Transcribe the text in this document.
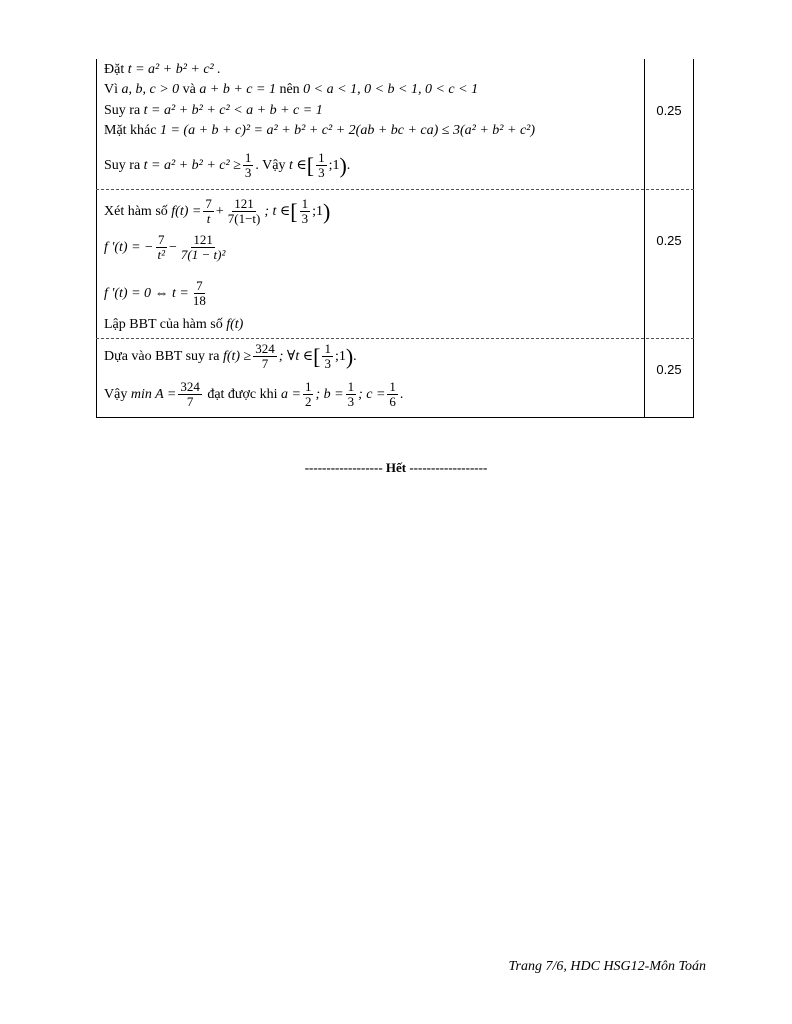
Đặt
t = a² + b² + c² .
Vì
a, b, c > 0
và
a + b + c = 1
nên
0 < a < 1, 0 < b < 1, 0 < c < 1
Suy ra
t = a² + b² + c² < a + b + c = 1
Mặt khác
1 = (a + b + c)² = a² + b² + c² + 2(ab + bc + ca) ≤ 3(a² + b² + c²)
Suy ra
$t = a^2 + b^2 + c^2 \ge \frac{1}{3}$ . Vậy
t ∈ [ 1
3 ;1 ) .
0.25
Xét hàm số
$f(t) = \frac{7}{t} + \frac{121}{7(1-t)}$ ; t ∈ [ 1
3 ;1 )
f '(t) = − $\frac{7}{\text{t²}} - \frac{121}{\text{7(1 − t)²}}$
f '(t) = 0 ⇔ $t = \frac{7}{18}$
Lập BBT của hàm số
f(t)
0.25
Dựa vào BBT suy ra
$f(t) \ge \frac{324}{7}$ ; ∀t ∈ [ 1
3 ;1 ) .
Vậy
$\min A = \frac{324}{7}$
đạt được khi
$a = \frac{1}{2}$ ; $b = \frac{1}{3}$ ; $c = \frac{1}{6}$ .
0.25
------------------ Hết ------------------
Trang 7/6, HDC HSG12-Môn Toán
